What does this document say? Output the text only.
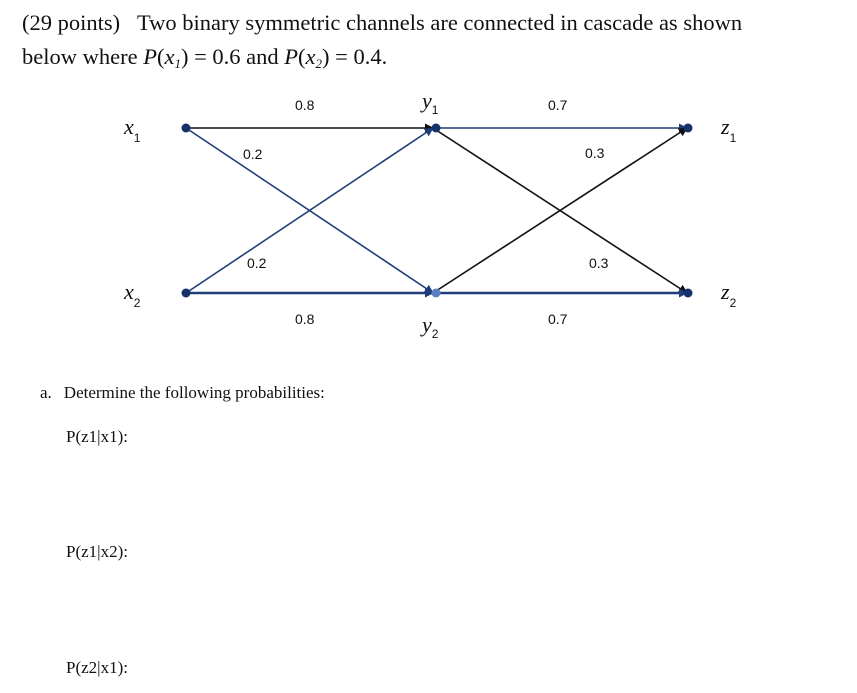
(29 points) Two binary symmetric channels are connected in cascade as shown
below where $P(x_1) = 0.6$ and $P(x_2) = 0.4$.
$x_1$
$x_2$
$y_1$
$y_2$
$z_1$
$z_2$
0.8
0.8
0.2
0.2
0.7
0.7
0.3
0.3
a. Determine the following probabilities:
P(z1|x1):
P(z1|x2):
P(z2|x1):
